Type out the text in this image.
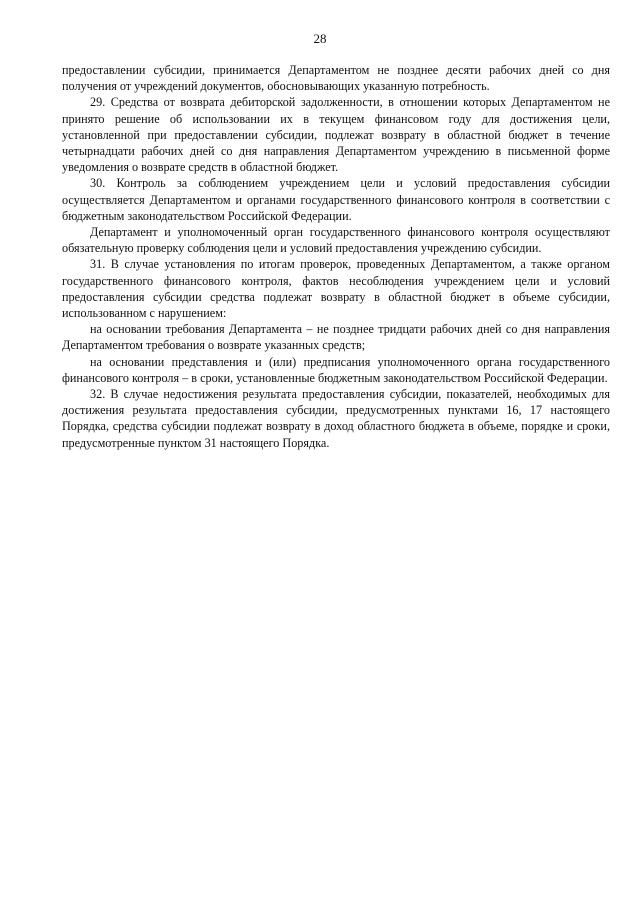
28

предоставлении субсидии, принимается Департаментом не позднее десяти рабочих дней со дня получения от учреждений документов, обосновывающих указанную потребность.

29. Средства от возврата дебиторской задолженности, в отношении которых Департаментом не принято решение об использовании их в текущем финансовом году для достижения цели, установленной при предоставлении субсидии, подлежат возврату в областной бюджет в течение четырнадцати рабочих дней со дня направления Департаментом учреждению в письменной форме уведомления о возврате средств в областной бюджет.

30. Контроль за соблюдением учреждением цели и условий предоставления субсидии осуществляется Департаментом и органами государственного финансового контроля в соответствии с бюджетным законодательством Российской Федерации.

Департамент и уполномоченный орган государственного финансового контроля осуществляют обязательную проверку соблюдения цели и условий предоставления учреждению субсидии.

31. В случае установления по итогам проверок, проведенных Департаментом, а также органом государственного финансового контроля, фактов несоблюдения учреждением цели и условий предоставления субсидии средства подлежат возврату в областной бюджет в объеме субсидии, использованном с нарушением:

на основании требования Департамента – не позднее тридцати рабочих дней со дня направления Департаментом требования о возврате указанных средств;

на основании представления и (или) предписания уполномоченного органа государственного финансового контроля – в сроки, установленные бюджетным законодательством Российской Федерации.

32. В случае недостижения результата предоставления субсидии, показателей, необходимых для достижения результата предоставления субсидии, предусмотренных пунктами 16, 17 настоящего Порядка, средства субсидии подлежат возврату в доход областного бюджета в объеме, порядке и сроки, предусмотренные пунктом 31 настоящего Порядка.
